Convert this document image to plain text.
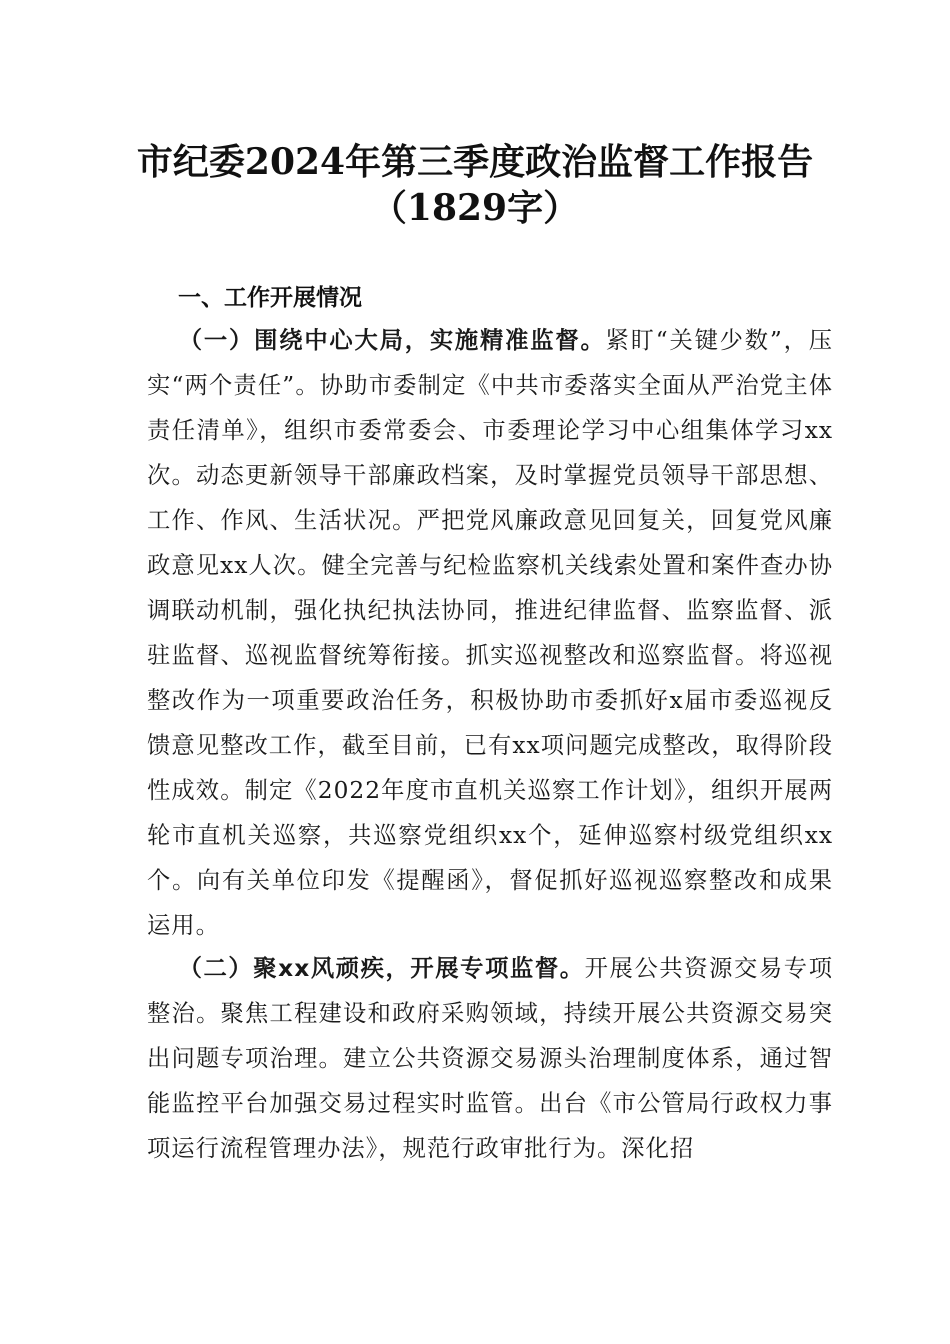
市纪委2024年第三季度政治监督工作报告
（1829字）
一、工作开展情况
（一）围绕中心大局，实施精准监督。紧盯“关键少数”，压实“两个责任”。协助市委制定《中共市委落实全面从严治党主体责任清单》，组织市委常委会、市委理论学习中心组集体学习xx次。动态更新领导干部廉政档案，及时掌握党员领导干部思想、工作、作风、生活状况。严把党风廉政意见回复关，回复党风廉政意见xx人次。健全完善与纪检监察机关线索处置和案件查办协调联动机制，强化执纪执法协同，推进纪律监督、监察监督、派驻监督、巡视监督统筹衔接。抓实巡视整改和巡察监督。将巡视整改作为一项重要政治任务，积极协助市委抓好x届市委巡视反馈意见整改工作，截至目前，已有xx项问题完成整改，取得阶段性成效。制定《2022年度市直机关巡察工作计划》，组织开展两轮市直机关巡察，共巡察党组织xx个，延伸巡察村级党组织xx个。向有关单位印发《提醒函》，督促抓好巡视巡察整改和成果运用。
（二）聚xx风顽疾，开展专项监督。开展公共资源交易专项整治。聚焦工程建设和政府采购领域，持续开展公共资源交易突出问题专项治理。建立公共资源交易源头治理制度体系，通过智能监控平台加强交易过程实时监管。出台《市公管局行政权力事项运行流程管理办法》，规范行政审批行为。深化招
